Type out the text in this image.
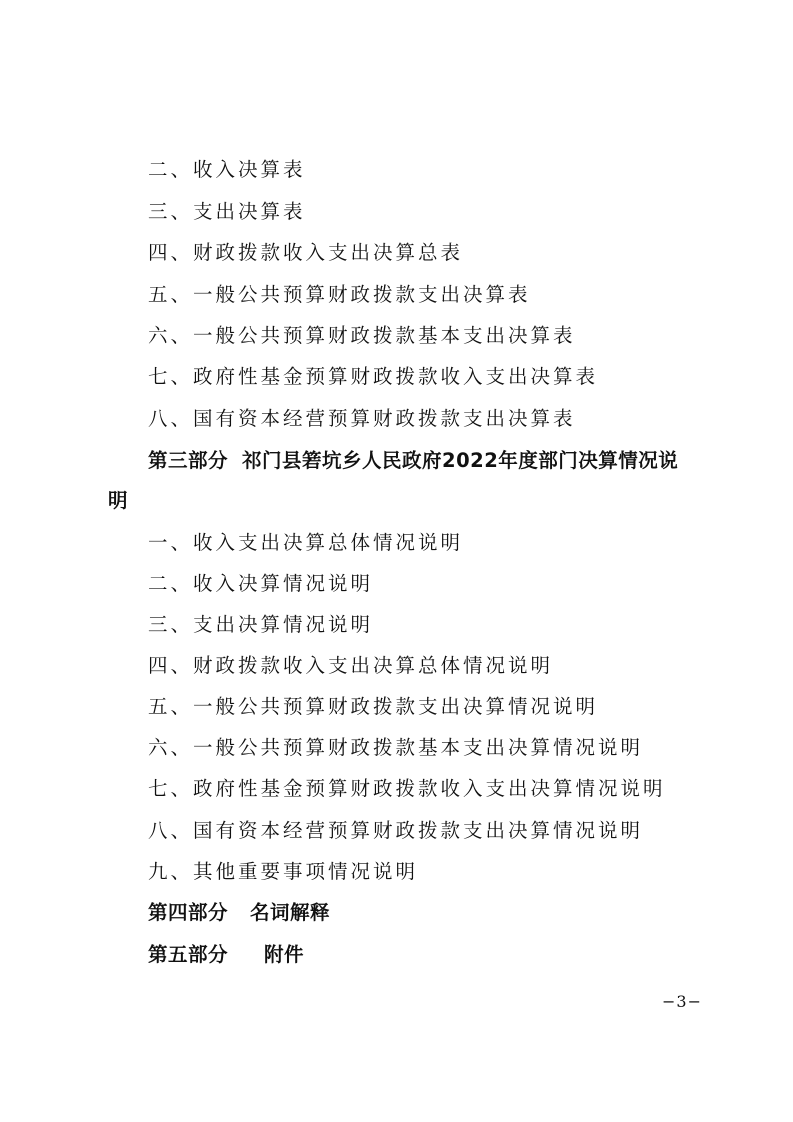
二、收入决算表
三、支出决算表
四、财政拨款收入支出决算总表
五、一般公共预算财政拨款支出决算表
六、一般公共预算财政拨款基本支出决算表
七、政府性基金预算财政拨款收入支出决算表
八、国有资本经营预算财政拨款支出决算表
第三部分 祁门县箬坑乡人民政府2022年度部门决算情况说
明
一、收入支出决算总体情况说明
二、收入决算情况说明
三、支出决算情况说明
四、财政拨款收入支出决算总体情况说明
五、一般公共预算财政拨款支出决算情况说明
六、一般公共预算财政拨款基本支出决算情况说明
七、政府性基金预算财政拨款收入支出决算情况说明
八、国有资本经营预算财政拨款支出决算情况说明
九、其他重要事项情况说明
第四部分 名词解释
第五部分 附件
−3−
